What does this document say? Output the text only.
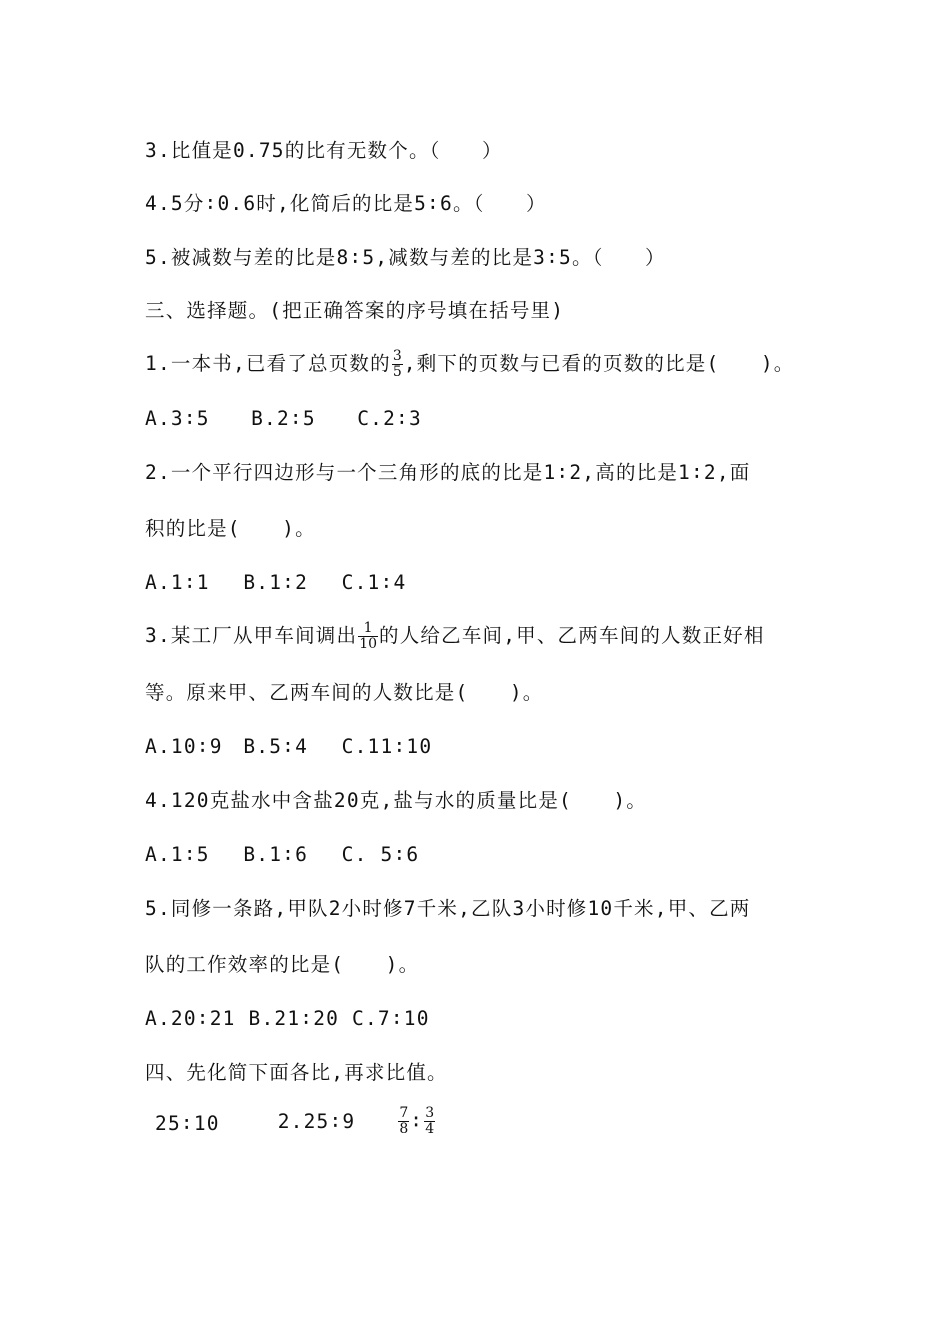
3.比值是0.75的比有无数个。（　　）
4.5分∶0.6时,化简后的比是5∶6。（　　）
5.被减数与差的比是8∶5,减数与差的比是3∶5。（　　）
三、选择题。(把正确答案的序号填在括号里)
1.一本书,已看了总页数的 $\frac{3}{5}$ ,剩下的页数与已看的页数的比是(　　)。
A.3∶5　　B.2∶5　　C.2∶3
2.一个平行四边形与一个三角形的底的比是1∶2,高的比是1∶2,面
积的比是(　　)。
A.1∶1　 B.1∶2　 C.1∶4
3.某工厂从甲车间调出 $\frac{1}{10}$ 的人给乙车间,甲、乙两车间的人数正好相
等。原来甲、乙两车间的人数比是(　　)。
A.10∶9　B.5∶4　 C.11∶10
4.120克盐水中含盐20克,盐与水的质量比是(　　)。
A.1∶5　 B.1∶6　 C. 5∶6
5.同修一条路,甲队2小时修7千米,乙队3小时修10千米,甲、乙两
队的工作效率的比是(　　)。
A.20∶21 B.21∶20 C.7∶10
四、先化简下面各比,再求比值。
25∶10	2.25∶9	$\frac{7}{8}$ ∶ $\frac{3}{4}$
